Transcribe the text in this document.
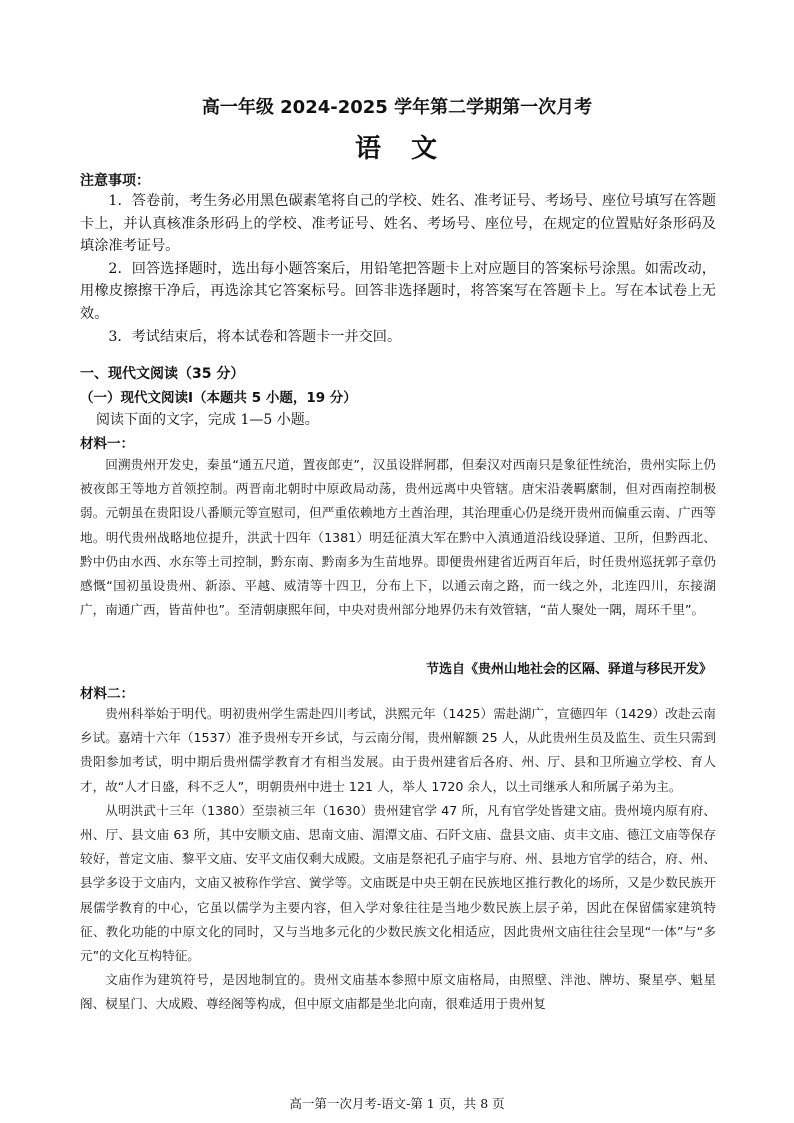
高一年级 2024-2025 学年第二学期第一次月考
语　文
注意事项：

1．答卷前，考生务必用黑色碳素笔将自己的学校、姓名、准考证号、考场号、座位号填写在答题卡上，并认真核准条形码上的学校、准考证号、姓名、考场号、座位号，在规定的位置贴好条形码及填涂准考证号。

2．回答选择题时，选出每小题答案后，用铅笔把答题卡上对应题目的答案标号涂黑。如需改动，用橡皮擦擦干净后，再选涂其它答案标号。回答非选择题时，将答案写在答题卡上。写在本试卷上无效。

3．考试结束后，将本试卷和答题卡一并交回。

一、现代文阅读（35 分）
（一）现代文阅读Ⅰ（本题共 5 小题，19 分）
阅读下面的文字，完成 1—5 小题。
材料一：

回溯贵州开发史，秦虽“通五尺道，置夜郎吏”，汉虽设牂牁郡，但秦汉对西南只是象征性统治，贵州实际上仍被夜郎王等地方首领控制。两晋南北朝时中原政局动荡，贵州远离中央管辖。唐宋沿袭羁縻制，但对西南控制极弱。元朝虽在贵阳设八番顺元等宣慰司，但严重依赖地方土酋治理，其治理重心仍是绕开贵州而偏重云南、广西等地。明代贵州战略地位提升，洪武十四年（1381）明廷征滇大军在黔中入滇通道沿线设驿道、卫所，但黔西北、黔中仍由水西、水东等土司控制，黔东南、黔南多为生苗地界。即便贵州建省近两百年后，时任贵州巡抚郭子章仍感慨“国初虽设贵州、新添、平越、威清等十四卫，分布上下，以通云南之路，而一线之外，北连四川，东接湖广，南通广西，皆苗仲也”。至清朝康熙年间，中央对贵州部分地界仍未有效管辖，“苗人聚处一隅，周环千里”。

节选自《贵州山地社会的区隔、驿道与移民开发》
材料二：

贵州科举始于明代。明初贵州学生需赴四川考试，洪熙元年（1425）需赴湖广，宣德四年（1429）改赴云南乡试。嘉靖十六年（1537）准予贵州专开乡试，与云南分闱，贵州解额 25 人，从此贵州生员及监生、贡生只需到贵阳参加考试，明中期后贵州儒学教育才有相当发展。由于贵州建省后各府、州、厅、县和卫所遍立学校、育人才，故“人才日盛，科不乏人”，明朝贵州中进士 121 人，举人 1720 余人，以土司继承人和所属子弟为主。

从明洪武十三年（1380）至崇祯三年（1630）贵州建官学 47 所，凡有官学处皆建文庙。贵州境内原有府、州、厅、县文庙 63 所，其中安顺文庙、思南文庙、湄潭文庙、石阡文庙、盘县文庙、贞丰文庙、德江文庙等保存较好，普定文庙、黎平文庙、安平文庙仅剩大成殿。文庙是祭祀孔子庙宇与府、州、县地方官学的结合，府、州、县学多设于文庙内，文庙又被称作学宫、黉学等。文庙既是中央王朝在民族地区推行教化的场所，又是少数民族开展儒学教育的中心，它虽以儒学为主要内容，但入学对象往往是当地少数民族上层子弟，因此在保留儒家建筑特征、教化功能的中原文化的同时，又与当地多元化的少数民族文化相适应，因此贵州文庙往往会呈现“一体”与“多元”的文化互构特征。

文庙作为建筑符号，是因地制宜的。贵州文庙基本参照中原文庙格局，由照壁、泮池、牌坊、聚星亭、魁星阁、棂星门、大成殿、尊经阁等构成，但中原文庙都是坐北向南，很难适用于贵州复

高一第一次月考-语文-第 1 页，共 8 页
